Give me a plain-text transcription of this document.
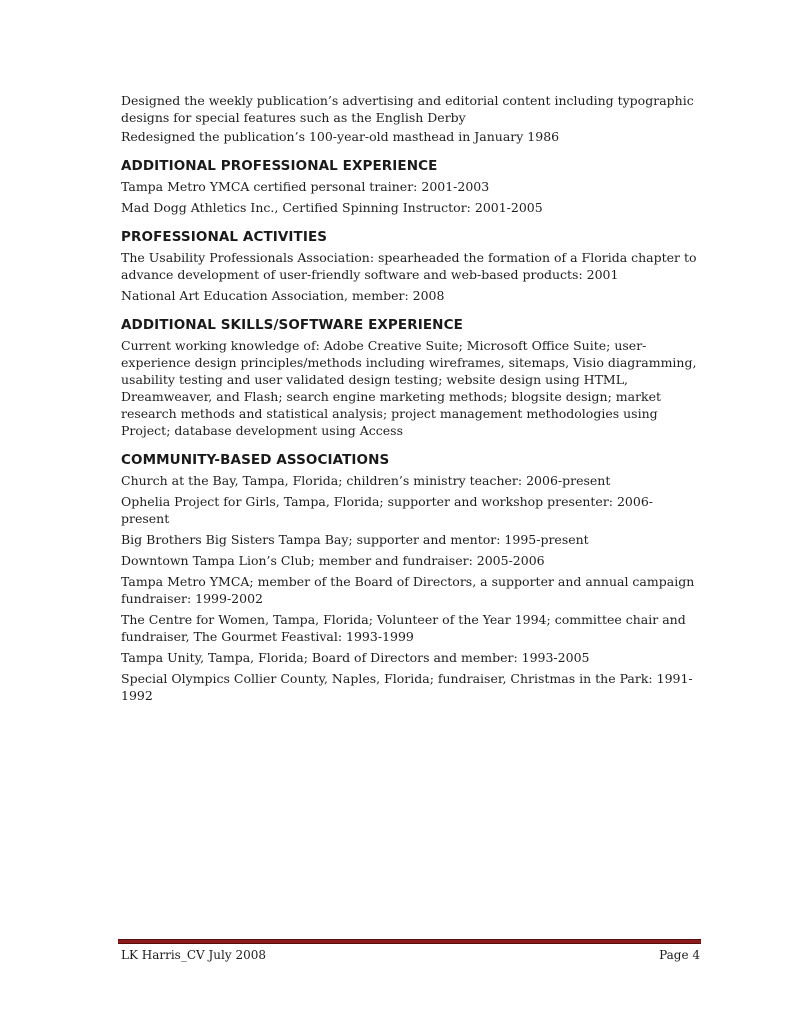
Designed the weekly publication’s advertising and editorial content including typographic designs for special features such as the English Derby

Redesigned the publication’s 100-year-old masthead in January 1986

ADDITIONAL PROFESSIONAL EXPERIENCE

Tampa Metro YMCA certified personal trainer: 2001-2003

Mad Dogg Athletics Inc., Certified Spinning Instructor: 2001-2005

PROFESSIONAL ACTIVITIES

The Usability Professionals Association: spearheaded the formation of a Florida chapter to advance development of user-friendly software and web-based products: 2001

National Art Education Association, member: 2008

ADDITIONAL SKILLS/SOFTWARE EXPERIENCE

Current working knowledge of: Adobe Creative Suite; Microsoft Office Suite; user-experience design principles/methods including wireframes, sitemaps, Visio diagramming, usability testing and user validated design testing; website design using HTML, Dreamweaver, and Flash; search engine marketing methods; blogsite design; market research methods and statistical analysis; project management methodologies using Project; database development using Access

COMMUNITY-BASED ASSOCIATIONS

Church at the Bay, Tampa, Florida; children’s ministry teacher: 2006-present

Ophelia Project for Girls, Tampa, Florida; supporter and workshop presenter: 2006-present

Big Brothers Big Sisters Tampa Bay; supporter and mentor: 1995-present

Downtown Tampa Lion’s Club; member and fundraiser: 2005-2006

Tampa Metro YMCA; member of the Board of Directors, a supporter and annual campaign fundraiser: 1999-2002

The Centre for Women, Tampa, Florida; Volunteer of the Year 1994; committee chair and fundraiser, The Gourmet Feastival: 1993-1999

Tampa Unity, Tampa, Florida; Board of Directors and member: 1993-2005

Special Olympics Collier County, Naples, Florida; fundraiser, Christmas in the Park: 1991-1992

LK Harris_CV July 2008	Page 4
